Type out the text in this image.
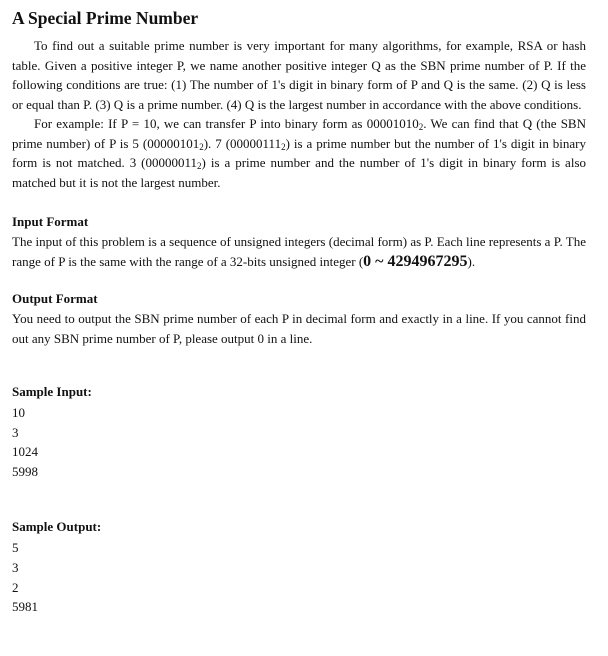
A Special Prime Number

To find out a suitable prime number is very important for many algorithms, for example, RSA or hash table. Given a positive integer P, we name another positive integer Q as the SBN prime number of P. If the following conditions are true: (1) The number of 1's digit in binary form of P and Q is the same. (2) Q is less or equal than P. (3) Q is a prime number. (4) Q is the largest number in accordance with the above conditions.

For example: If P = 10, we can transfer P into binary form as $00001010_2$. We can find that Q (the SBN prime number) of P is 5 $(00000101_2)$. 7 $(00000111_2)$ is a prime number but the number of 1's digit in binary form is not matched. 3 $(00000011_2)$ is a prime number and the number of 1's digit in binary form is also matched but it is not the largest number.

Input Format

The input of this problem is a sequence of unsigned integers (decimal form) as P. Each line represents a P. The range of P is the same with the range of a 32-bits unsigned integer (0 ~ 4294967295).

Output Format

You need to output the SBN prime number of each P in decimal form and exactly in a line. If you cannot find out any SBN prime number of P, please output 0 in a line.

Sample Input:
10
3
1024
5998
Sample Output:
5
3
2
5981
